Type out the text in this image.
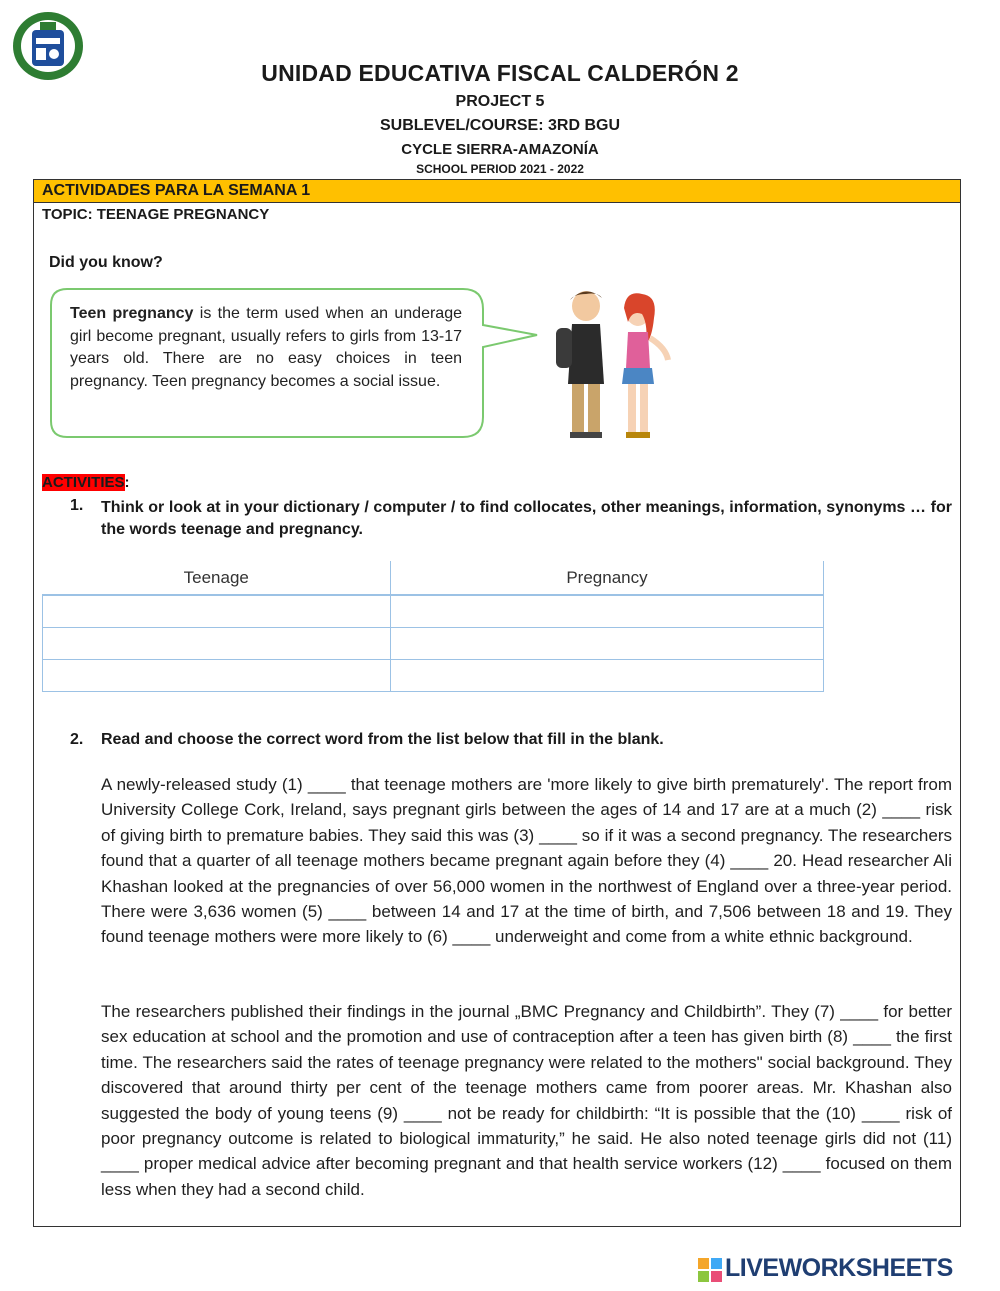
UNIDAD EDUCATIVA FISCAL CALDERÓN 2
PROJECT 5
SUBLEVEL/COURSE: 3RD BGU
CYCLE SIERRA-AMAZONÍA
SCHOOL PERIOD 2021 - 2022
ACTIVIDADES PARA LA SEMANA 1
TOPIC: TEENAGE PREGNANCY
Did you know?
Teen pregnancy is the term used when an underage girl become pregnant, usually refers to girls from 13-17 years old. There are no easy choices in teen pregnancy. Teen pregnancy becomes a social issue.
ACTIVITIES:
1. Think or look at in your dictionary / computer / to find collocates, other meanings, information, synonyms … for the words teenage and pregnancy.
Teenage	Pregnancy

2. Read and choose the correct word from the list below that fill in the blank.
A newly-released study (1) ____ that teenage mothers are 'more likely to give birth prematurely'. The report from University College Cork, Ireland, says pregnant girls between the ages of 14 and 17 are at a much (2) ____ risk of giving birth to premature babies. They said this was (3) ____ so if it was a second pregnancy. The researchers found that a quarter of all teenage mothers became pregnant again before they (4) ____ 20. Head researcher Ali Khashan looked at the pregnancies of over 56,000 women in the northwest of England over a three-year period. There were 3,636 women (5) ____ between 14 and 17 at the time of birth, and 7,506 between 18 and 19. They found teenage mothers were more likely to (6) ____ underweight and come from a white ethnic background.
The researchers published their findings in the journal „BMC Pregnancy and Childbirth”. They (7) ____ for better sex education at school and the promotion and use of contraception after a teen has given birth (8) ____ the first time. The researchers said the rates of teenage pregnancy were related to the mothers" social background. They discovered that around thirty per cent of the teenage mothers came from poorer areas. Mr. Khashan also suggested the body of young teens (9) ____ not be ready for childbirth: “It is possible that the (10) ____ risk of poor pregnancy outcome is related to biological immaturity,” he said. He also noted teenage girls did not (11) ____ proper medical advice after becoming pregnant and that health service workers (12) ____ focused on them less when they had a second child.
LIVEWORKSHEETS
